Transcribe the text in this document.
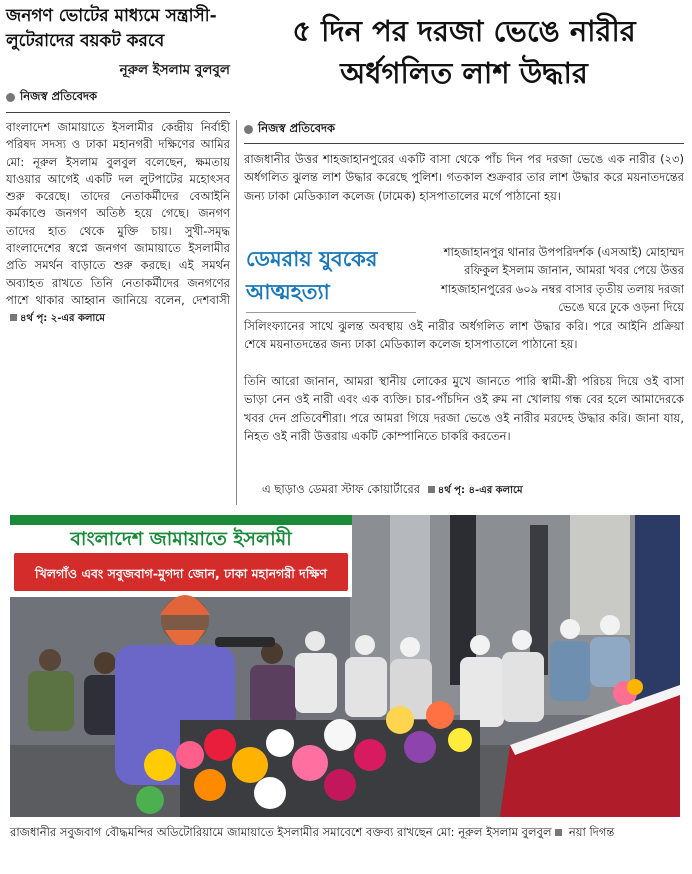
জনগণ ভোটের মাধ্যমে সন্ত্রাসী-লুটেরাদের বয়কট করবে
নূরুল ইসলাম বুলবুল
নিজস্ব প্রতিবেদক

বাংলাদেশ জামায়াতে ইসলামীর কেন্দ্রীয় নির্বাহী পরিষদ সদস্য ও ঢাকা মহানগরী দক্ষিণের আমির মো: নূরুল ইসলাম বুলবুল বলেছেন, ক্ষমতায় যাওয়ার আগেই একটি দল লুটপাটের মহোৎসব শুরু করেছে। তাদের নেতাকর্মীদের বেআইনি কর্মকাণ্ডে জনগণ অতিষ্ঠ হয়ে গেছে। জনগণ তাদের হাত থেকে মুক্তি চায়। সুখী-সমৃদ্ধ বাংলাদেশের স্বপ্নে জনগণ জামায়াতে ইসলামীর প্রতি সমর্থন বাড়াতে শুরু করছে। এই সমর্থন অব্যাহত রাখতে তিনি নেতাকর্মীদের জনগণের পাশে থাকার আহ্বান জানিয়ে বলেন, দেশবাসী ৪র্থ পৃ: ২-এর কলামে

৫ দিন পর দরজা ভেঙে নারীর অর্ধগলিত লাশ উদ্ধার
নিজস্ব প্রতিবেদক

রাজধানীর উত্তর শাহজাহানপুরের একটি বাসা থেকে পাঁচ দিন পর দরজা ভেঙে এক নারীর (২৩) অর্ধগলিত ঝুলন্ত লাশ উদ্ধার করেছে পুলিশ। গতকাল শুক্রবার তার লাশ উদ্ধার করে ময়নাতদন্তের জন্য ঢাকা মেডিক্যাল কলেজ (ঢামেক) হাসপাতালের মর্গে পাঠানো হয়।

ডেমরায় যুবকের আত্মহত্যা

শাহজাহানপুর থানার উপপরিদর্শক (এসআই) মোহাম্মদ রফিকুল ইসলাম জানান, আমরা খবর পেয়ে উত্তর শাহজাহানপুরের ৬০৯ নম্বর বাসার তৃতীয় তলায় দরজা ভেঙে ঘরে ঢুকে ওড়না দিয়ে

সিলিংফ্যানের সাথে ঝুলন্ত অবস্থায় ওই নারীর অর্ধগলিত লাশ উদ্ধার করি। পরে আইনি প্রক্রিয়া শেষে ময়নাতদন্তের জন্য ঢাকা মেডিক্যাল কলেজ হাসপাতালে পাঠানো হয়।

তিনি আরো জানান, আমরা স্থানীয় লোকের মুখে জানতে পারি স্বামী-স্ত্রী পরিচয় দিয়ে ওই বাসা ভাড়া নেন ওই নারী এবং এক ব্যক্তি। চার-পাঁচদিন ওই রুম না খোলায় গন্ধ বের হলে আমাদেরকে খবর দেন প্রতিবেশীরা। পরে আমরা গিয়ে দরজা ভেঙে ওই নারীর মরদেহ উদ্ধার করি। জানা যায়, নিহত ওই নারী উত্তরায় একটি কোম্পানিতে চাকরি করতেন।

এ ছাড়াও ডেমরা স্টাফ কোয়ার্টারের ৪র্থ পৃ: ৪-এর কলামে
বাংলাদেশ জামায়াতে ইসলামী
খিলগাঁও এবং সবুজবাগ-মুগদা জোন, ঢাকা মহানগরী দক্ষিণ

রাজধানীর সবুজবাগ বৌদ্ধমন্দির অডিটোরিয়ামে জামায়াতে ইসলামীর সমাবেশে বক্তব্য রাখছেন মো: নূরুল ইসলাম বুলবুল নয়া দিগন্ত
